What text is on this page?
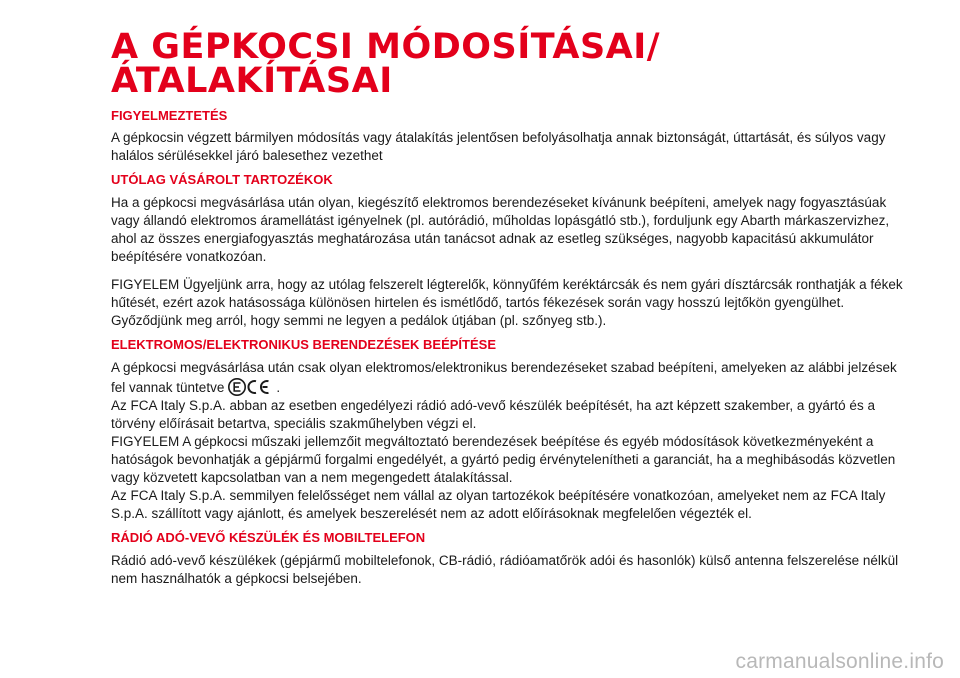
A GÉPKOCSI MÓDOSÍTÁSAI/
ÁTALAKÍTÁSAI
FIGYELMEZTETÉS

A gépkocsin végzett bármilyen módosítás vagy átalakítás jelentősen befolyásolhatja annak biztonságát, úttartását, és súlyos vagy halálos sérülésekkel járó balesethez vezethet

UTÓLAG VÁSÁROLT TARTOZÉKOK

Ha a gépkocsi megvásárlása után olyan, kiegészítő elektromos berendezéseket kívánunk beépíteni, amelyek nagy fogyasztásúak vagy állandó elektromos áramellátást igényelnek (pl. autórádió, műholdas lopásgátló stb.), forduljunk egy Abarth márkaszervizhez, ahol az összes energiafogyasztás meghatározása után tanácsot adnak az esetleg szükséges, nagyobb kapacitású akkumulátor beépítésére vonatkozóan.

FIGYELEM Ügyeljünk arra, hogy az utólag felszerelt légterelők, könnyűfém keréktárcsák és nem gyári dísztárcsák ronthatják a fékek hűtését, ezért azok hatásossága különösen hirtelen és ismétlődő, tartós fékezések során vagy hosszú lejtőkön gyengülhet. Győződjünk meg arról, hogy semmi ne legyen a pedálok útjában (pl. szőnyeg stb.).

ELEKTROMOS/ELEKTRONIKUS BERENDEZÉSEK BEÉPÍTÉSE

A gépkocsi megvásárlása után csak olyan elektromos/elektronikus berendezéseket szabad beépíteni, amelyeken az alábbi jelzések fel vannak tüntetve	.

Az FCA Italy S.p.A. abban az esetben engedélyezi rádió adó-vevő készülék beépítését, ha azt képzett szakember, a gyártó és a törvény előírásait betartva, speciális szakműhelyben végzi el.

FIGYELEM A gépkocsi műszaki jellemzőit megváltoztató berendezések beépítése és egyéb módosítások következményeként a hatóságok bevonhatják a gépjármű forgalmi engedélyét, a gyártó pedig érvénytelenítheti a garanciát, ha a meghibásodás közvetlen vagy közvetett kapcsolatban van a nem megengedett átalakítással.

Az FCA Italy S.p.A. semmilyen felelősséget nem vállal az olyan tartozékok beépítésére vonatkozóan, amelyeket nem az FCA Italy S.p.A. szállított vagy ajánlott, és amelyek beszerelését nem az adott előírásoknak megfelelően végezték el.

RÁDIÓ ADÓ-VEVŐ KÉSZÜLÉK ÉS MOBILTELEFON

Rádió adó-vevő készülékek (gépjármű mobiltelefonok, CB-rádió, rádióamatőrök adói és hasonlók) külső antenna felszerelése nélkül nem használhatók a gépkocsi belsejében.

carmanualsonline.info
